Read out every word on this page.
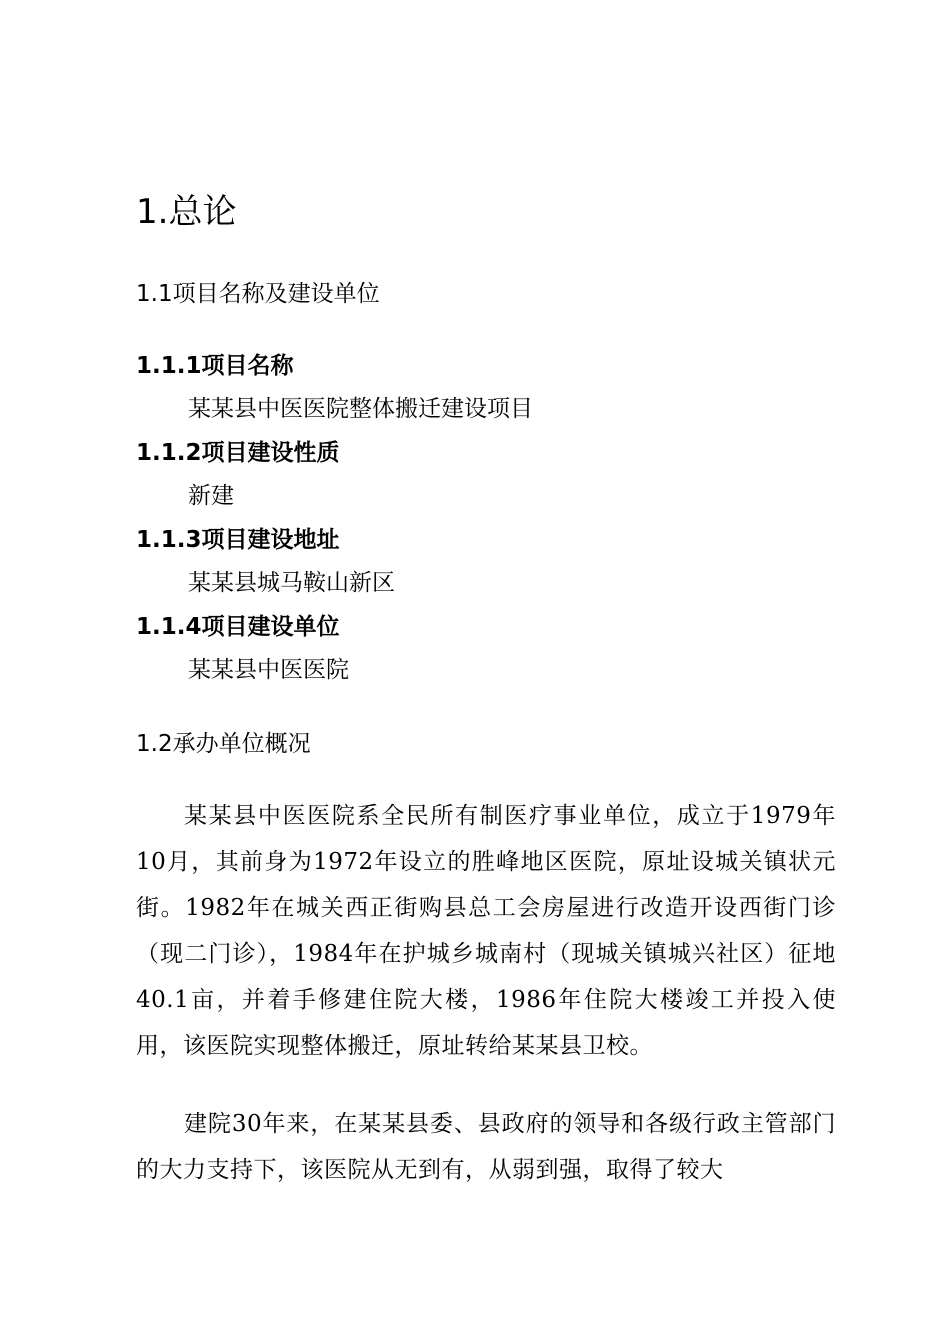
1.总论
1.1项目名称及建设单位
1.1.1项目名称
某某县中医医院整体搬迁建设项目
1.1.2项目建设性质
新建
1.1.3项目建设地址
某某县城马鞍山新区
1.1.4项目建设单位
某某县中医医院
1.2承办单位概况
某某县中医医院系全民所有制医疗事业单位，成立于1979年10月，其前身为1972年设立的胜峰地区医院，原址设城关镇状元街。1982年在城关西正街购县总工会房屋进行改造开设西街门诊（现二门诊），1984年在护城乡城南村（现城关镇城兴社区）征地40.1亩，并着手修建住院大楼，1986年住院大楼竣工并投入使用，该医院实现整体搬迁，原址转给某某县卫校。
建院30年来，在某某县委、县政府的领导和各级行政主管部门的大力支持下，该医院从无到有，从弱到强，取得了较大
